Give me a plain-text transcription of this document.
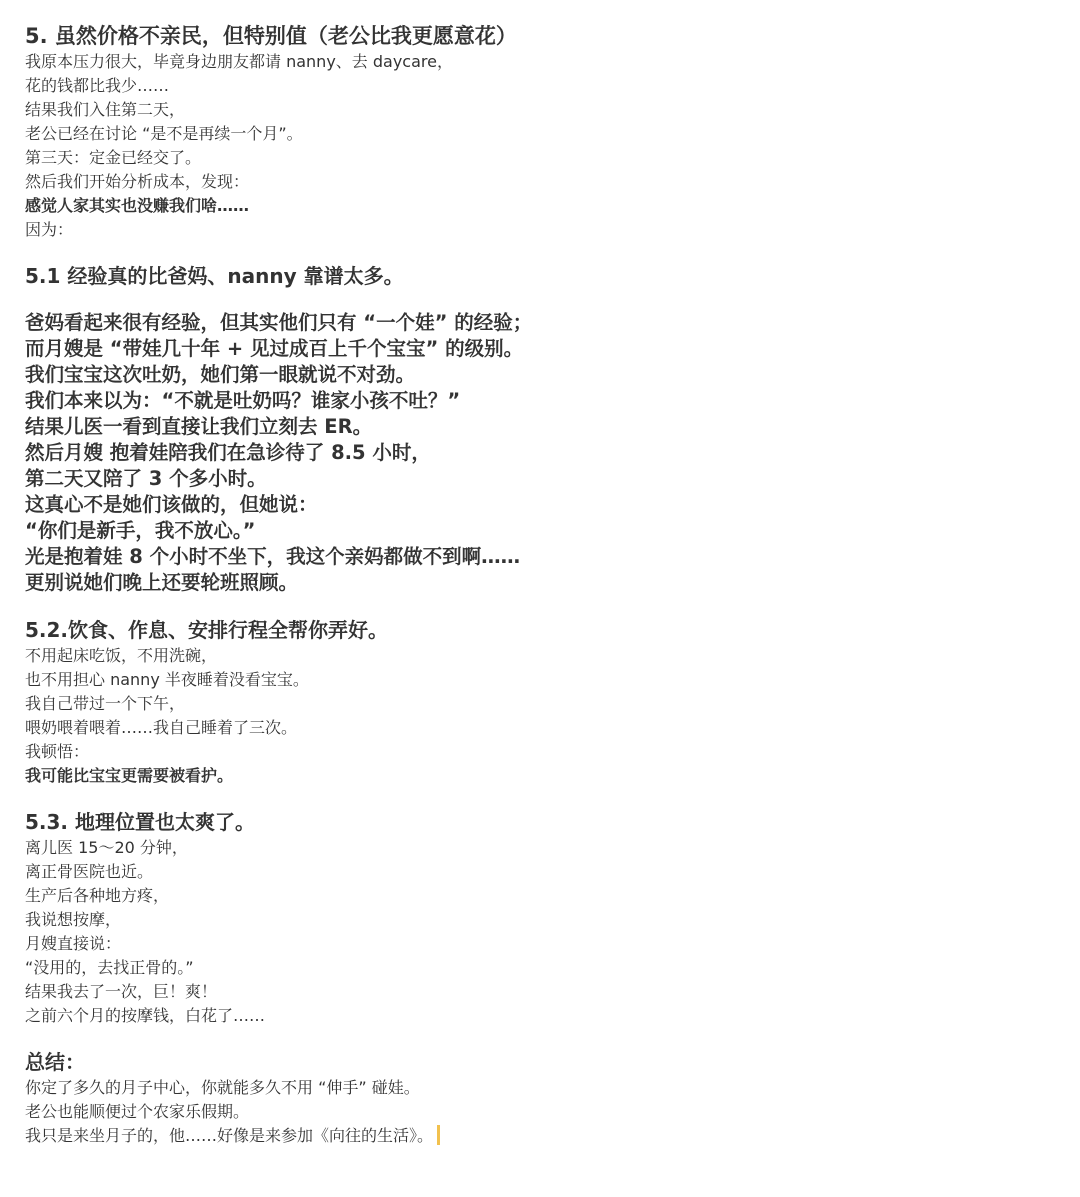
5. 虽然价格不亲民，但特别值（老公比我更愿意花）
我原本压力很大，毕竟身边朋友都请 nanny、去 daycare，
花的钱都比我少……
结果我们入住第二天，
老公已经在讨论 “是不是再续一个月”。
第三天：定金已经交了。
然后我们开始分析成本，发现：
感觉人家其实也没赚我们啥……
因为：
5.1 经验真的比爸妈、nanny 靠谱太多。
爸妈看起来很有经验，但其实他们只有 “一个娃” 的经验；
而月嫂是 “带娃几十年 + 见过成百上千个宝宝” 的级别。
我们宝宝这次吐奶，她们第一眼就说不对劲。
我们本来以为：“不就是吐奶吗？谁家小孩不吐？”
结果儿医一看到直接让我们立刻去 ER。
然后月嫂 抱着娃陪我们在急诊待了 8.5 小时，
第二天又陪了 3 个多小时。
这真心不是她们该做的，但她说：
“你们是新手，我不放心。”
光是抱着娃 8 个小时不坐下，我这个亲妈都做不到啊……
更别说她们晚上还要轮班照顾。
5.2.饮食、作息、安排行程全帮你弄好。
不用起床吃饭，不用洗碗，
也不用担心 nanny 半夜睡着没看宝宝。
我自己带过一个下午，
喂奶喂着喂着……我自己睡着了三次。
我顿悟：
我可能比宝宝更需要被看护。
5.3. 地理位置也太爽了。
离儿医 15～20 分钟，
离正骨医院也近。
生产后各种地方疼，
我说想按摩，
月嫂直接说：
“没用的，去找正骨的。”
结果我去了一次，巨！爽！
之前六个月的按摩钱，白花了……
总结：
你定了多久的月子中心，你就能多久不用 “伸手” 碰娃。
老公也能顺便过个农家乐假期。
我只是来坐月子的，他……好像是来参加《向往的生活》。
